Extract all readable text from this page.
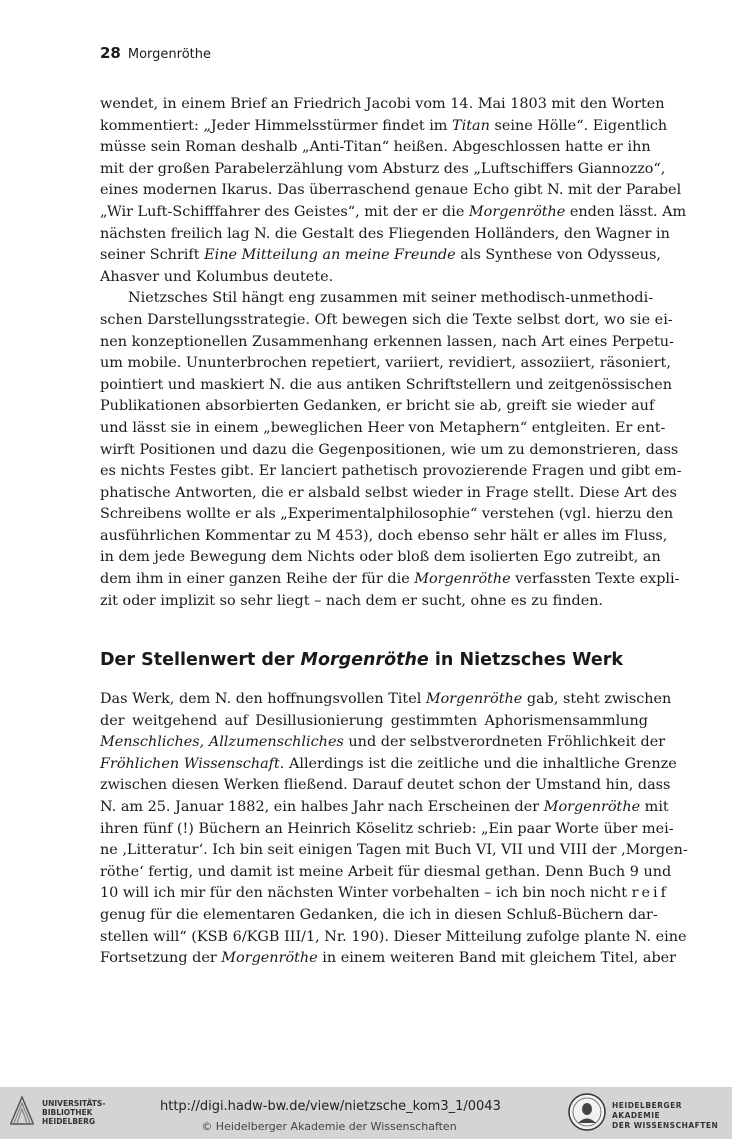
28 Morgenröthe
wendet, in einem Brief an Friedrich Jacobi vom 14. Mai 1803 mit den Worten
kommentiert: „Jeder Himmelsstürmer findet im Titan seine Hölle“. Eigentlich
müsse sein Roman deshalb „Anti-Titan“ heißen. Abgeschlossen hatte er ihn
mit der großen Parabelerzählung vom Absturz des „Luftschiffers Giannozzo“,
eines modernen Ikarus. Das überraschend genaue Echo gibt N. mit der Parabel
„Wir Luft-Schifffahrer des Geistes“, mit der er die Morgenröthe enden lässt. Am
nächsten freilich lag N. die Gestalt des Fliegenden Holländers, den Wagner in
seiner Schrift Eine Mitteilung an meine Freunde als Synthese von Odysseus,
Ahasver und Kolumbus deutete.
Nietzsches Stil hängt eng zusammen mit seiner methodisch-unmethodi-
schen Darstellungsstrategie. Oft bewegen sich die Texte selbst dort, wo sie ei-
nen konzeptionellen Zusammenhang erkennen lassen, nach Art eines Perpetu-
um mobile. Ununterbrochen repetiert, variiert, revidiert, assoziiert, räsoniert,
pointiert und maskiert N. die aus antiken Schriftstellern und zeitgenössischen
Publikationen absorbierten Gedanken, er bricht sie ab, greift sie wieder auf
und lässt sie in einem „beweglichen Heer von Metaphern“ entgleiten. Er ent-
wirft Positionen und dazu die Gegenpositionen, wie um zu demonstrieren, dass
es nichts Festes gibt. Er lanciert pathetisch provozierende Fragen und gibt em-
phatische Antworten, die er alsbald selbst wieder in Frage stellt. Diese Art des
Schreibens wollte er als „Experimentalphilosophie“ verstehen (vgl. hierzu den
ausführlichen Kommentar zu M 453), doch ebenso sehr hält er alles im Fluss,
in dem jede Bewegung dem Nichts oder bloß dem isolierten Ego zutreibt, an
dem ihm in einer ganzen Reihe der für die Morgenröthe verfassten Texte expli-
zit oder implizit so sehr liegt – nach dem er sucht, ohne es zu finden.
Der Stellenwert der Morgenröthe in Nietzsches Werk
Das Werk, dem N. den hoffnungsvollen Titel Morgenröthe gab, steht zwischen
der weitgehend auf Desillusionierung gestimmten Aphorismensammlung
Menschliches, Allzumenschliches und der selbstverordneten Fröhlichkeit der
Fröhlichen Wissenschaft. Allerdings ist die zeitliche und die inhaltliche Grenze
zwischen diesen Werken fließend. Darauf deutet schon der Umstand hin, dass
N. am 25. Januar 1882, ein halbes Jahr nach Erscheinen der Morgenröthe mit
ihren fünf (!) Büchern an Heinrich Köselitz schrieb: „Ein paar Worte über mei-
ne ‚Litteratur‘. Ich bin seit einigen Tagen mit Buch VI, VII und VIII der ‚Morgen-
röthe‘ fertig, und damit ist meine Arbeit für diesmal gethan. Denn Buch 9 und
10 will ich mir für den nächsten Winter vorbehalten – ich bin noch nicht reif
genug für die elementaren Gedanken, die ich in diesen Schluß-Büchern dar-
stellen will“ (KSB 6/KGB III/1, Nr. 190). Dieser Mitteilung zufolge plante N. eine
Fortsetzung der Morgenröthe in einem weiteren Band mit gleichem Titel, aber
UNIVERSITÄTS-
BIBLIOTHEK
HEIDELBERG
http://digi.hadw-bw.de/view/nietzsche_kom3_1/0043
© Heidelberger Akademie der Wissenschaften
HEIDELBERGER AKADEMIE
DER WISSENSCHAFTEN
